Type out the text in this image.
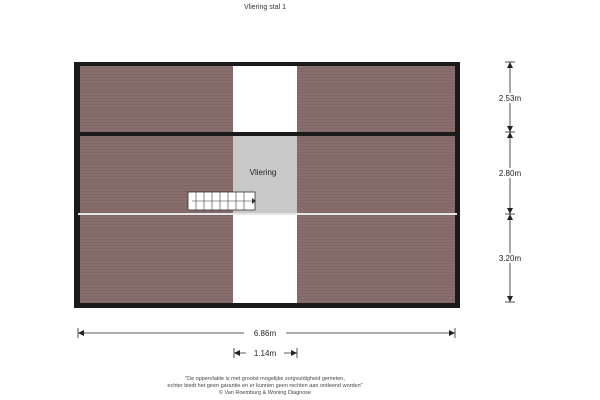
Vliering stal 1
Vliering
2.53m
2.80m
3.20m
6.86m
1.14m
"De oppervlakte is met grootst mogelijke zorgvuldigheid gemeten,
echter biedt het geen garantie en er kunnen geen rechten aan ontleend worden"
© Van Roemburg & Woning Diagnose
